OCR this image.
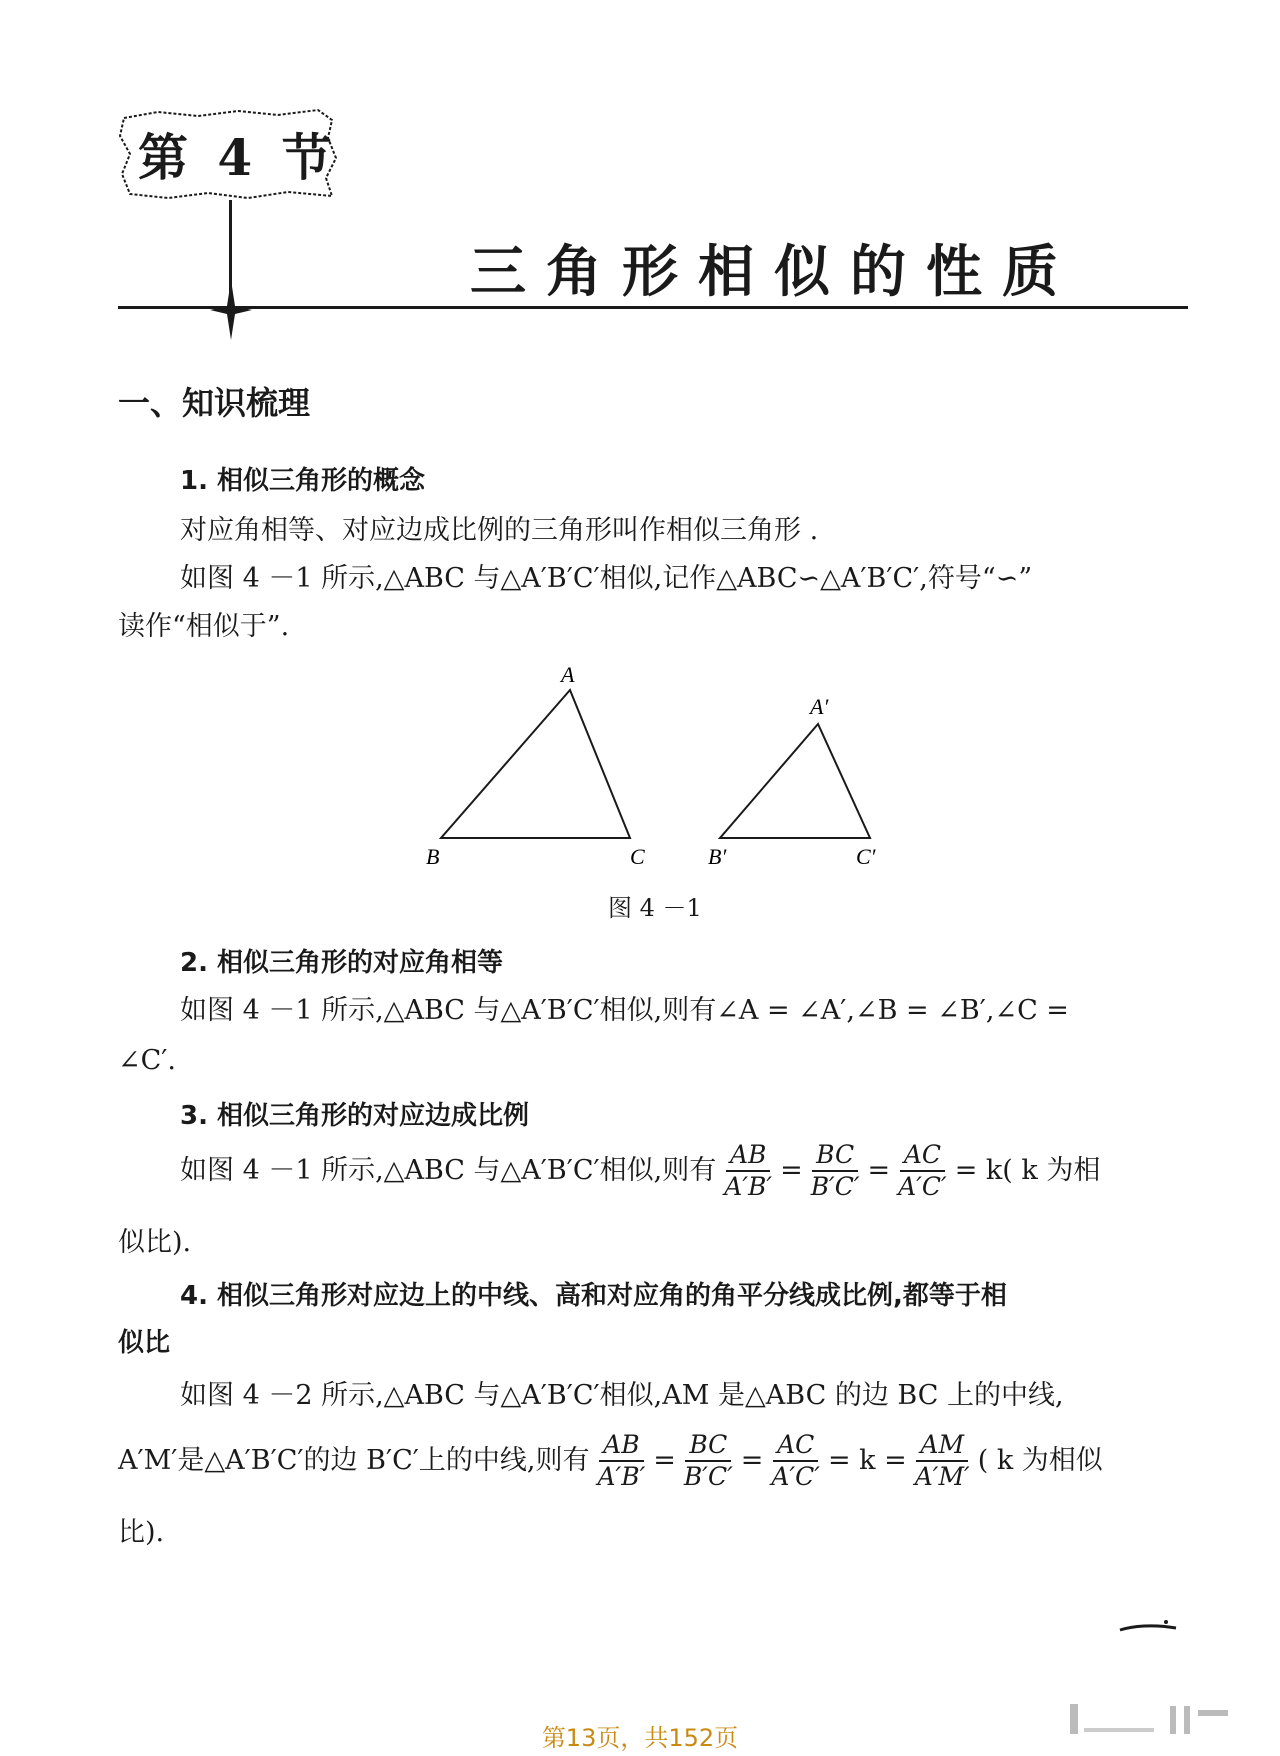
第 4 节
三角形相似的性质
一、知识梳理
1. 相似三角形的概念
对应角相等、对应边成比例的三角形叫作相似三角形 .
如图 4 －1 所示,△ABC 与△A′B′C′相似,记作△ABC∽△A′B′C′,符号“∽”
读作“相似于”.
A
B	C
A′
B′	C′
图 4 －1
2. 相似三角形的对应角相等
如图 4 －1 所示,△ABC 与△A′B′C′相似,则有∠A = ∠A′,∠B = ∠B′,∠C =
∠C′.
3. 相似三角形的对应边成比例
如图 4 －1 所示,△ABC 与△A′B′C′相似,则有 $\frac{AB}{A'B'} = \frac{BC}{B'C'} = \frac{AC}{A'C'} = k$( k 为相
似比).
4. 相似三角形对应边上的中线、高和对应角的角平分线成比例,都等于相
似比
如图 4 －2 所示,△ABC 与△A′B′C′相似,AM 是△ABC 的边 BC 上的中线,
A′M′是△A′B′C′的边 B′C′上的中线,则有 $\frac{AB}{A'B'} = \frac{BC}{B'C'} = \frac{AC}{A'C'} = k = \frac{AM}{A'M'}$ ( k 为相似
比).
第13页，共152页
